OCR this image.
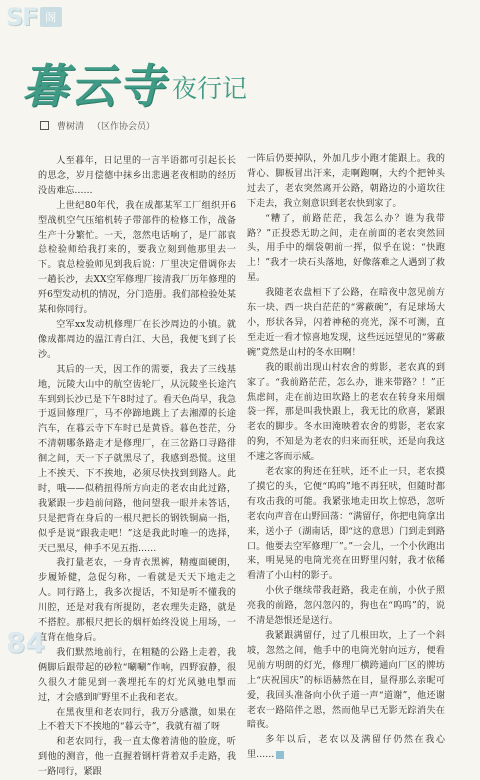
SF 阁
暮云寺 夜行记
曹树清 （区作协会员）

人至暮年，日记里的一言半语都可引起长长的思念，岁月偿德中抹乡出悲遇老夜相助的经历没齿难忘……

上世纪80年代，我在成都某军工厂组织开6型战机空气压缩机转子带部件的检修工作，战备生产十分繁忙。一天，忽然电话响了，是厂部袁总检验师给我打来的，要我立刻到他那里去一下。袁总检验师见到我后说：厂里决定借调你去一趟长沙，去XX空军修理厂接清我厂历年修理的歼6型发动机的情况，分门造册。我们部检验处某某和你同行。

空军xx发动机修理厂在长沙周边的小镇。就像成都周边的温江青白江、大邑，我便飞到了长沙。

其后的一天，因工作的需要，我去了三线基地，沅陵大山中的航空齿轮厂，从沅陵坐长途汽车到到长沙已是下午8时过了。看天色尚早，我急于返回修理厂，马不停蹄地跳上了去湘潭的长途汽车，在暮云寺下车时已是黄昏。暮色苍茫，分不清朝哪条路走才是修理厂，在三岔路口寻路徘徊之间，天一下子就黑尽了，我感到恐慌。这里上不挨天、下不挨地，必须尽快找到到路人。此时，哦——似稍扭得所方向走的老农由此过路，我紧跟一步趋前问路，他问望我一眼并未答话，只是把背在身后的一根尺把长的钢铁铜扁一指，似乎是说“跟我走吧！”这是我此时唯一的选择，天已黑尽，伸手不见五指……

我打量老农，一身青衣黑裤，精瘦面硬朗，步履矫健，急促匀称，一看就是天天下地走之人。同行路上，我多次提话，不知是听不懂我的川腔，还是对我有所提防，老农理失走路，就是不搭腔。那根尺把长的烟杆始终没说上用场，一直背在他身后。

我们默然地前行，在粗糙的公路上走着，我俩脚后跟带起的砂粒“唰唰”作响，四野寂静，很久很久才能见到一袭埋托车的灯光风驰电掣而过，才会感到旷野里不止我和老农。

在黑夜里和老农同行，我万分感激，如果在上不着天下不挨地的“暮云寺”，我就有福了呀

和老农同行，我一直太像着清他的脸庞，听到他的测音，他一直握着钢杆背着双手走路，我一路同行，紧跟

一阵后仍要掉队，外加几步小跑才能跟上。我的背心、脚板冒出汗来，走啊跑啊，大约个把钟头过去了，老农突然离开公路，朝路边的小道坎往下走去，我立刻意识到老农快到家了。

“糟了，前路茫茫，我怎么办？谁为我带路？”正投恐无助之间，走在前面的老农突然回头，用手中的烟袋朝前一挥，似乎在说：“快跑上！”我才一块石头落地，好像落难之人遇到了救星。

我随老农盘桓下了公路，在暗夜中忽见前方东一块、西一块白茫茫的“雾蔽碗”，有足球场大小，形状各异，闪着神秘的亮光，深不可测，直至走近一看才惊喜地发现，这些远远望见的“雾蔽碗”竟然是山村的冬水田啊！

我的眼前出现山村农舍的剪影，老农真的到家了。“我前路茫茫，怎么办，谁来带路？！”正焦虑间，走在前边田坎路上的老农在转身来用烟袋一挥，那是叫我快跟上，我无比的欣喜，紧跟老农的脚步。冬水田淹映着农舍的剪影，老农家的狗，不知是为老农的归来而狂吠，还是向我这不速之客而示威。

老农家的狗还在狂吠，还不止一只，老农摸了摸它的头，它便“呜呜”地不再狂吠，但随时都有攻击我的可能。我紧张地走田坎上惊恐，忽听老农向声音在山野回荡：“满留仔，你把电筒拿出来，送小子（湖南话，即“这的意思）门到走到路口。他要去空军修理厂”。”一会儿，一个小伙跑出来，明晃晃的电筒光亮在田野里闪射，我才依稀看清了小山村的影子。

小伙子继续带我赶路，我走在前，小伙子照亮我的前路，忽闪忽闪的，狗也在“呜呜”的，说不清是怨恨还是送行。

我紧跟满留仔，过了几根田坎，上了一个斜坡，忽然之间，他手中的电筒光射向远方，便看见前方明朗的灯光，修理厂横跨通向厂区的牌坊上“庆祝国庆”的标语赫然在目，显得那么亲昵可爱，我回头准备向小伙子道一声“道谢”，他还谢老农一路陪伴之恩，然而他早已无影无踪消失在暗夜。

多年以后，老农以及满留仔仍然在我心里……

84
